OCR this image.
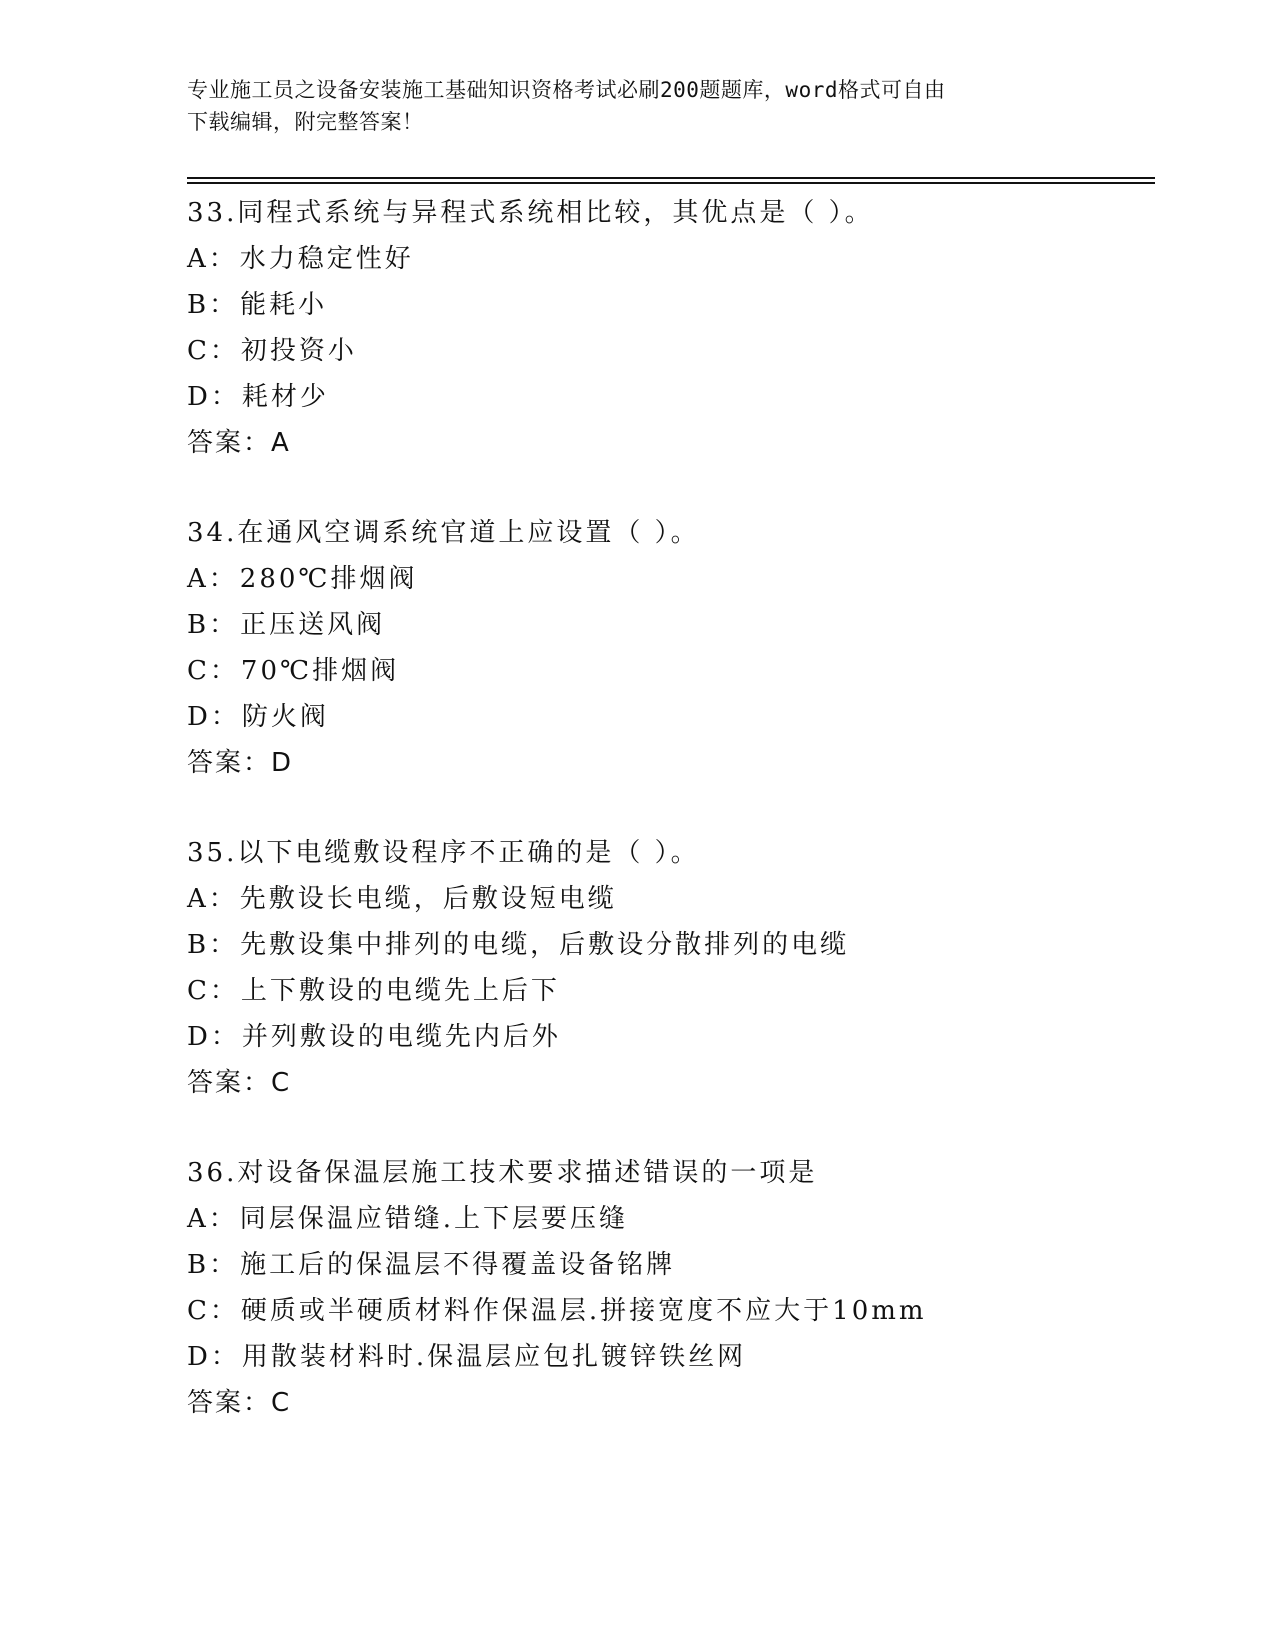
专业施工员之设备安装施工基础知识资格考试必刷200题题库，word格式可自由
下载编辑，附完整答案！
33.同程式系统与异程式系统相比较，其优点是（ ）。
A：水力稳定性好
B：能耗小
C：初投资小
D：耗材少
答案：A
34.在通风空调系统官道上应设置（ ）。
A：280℃排烟阀
B：正压送风阀
C：70℃排烟阀
D：防火阀
答案：D
35.以下电缆敷设程序不正确的是（ ）。
A：先敷设长电缆，后敷设短电缆
B：先敷设集中排列的电缆，后敷设分散排列的电缆
C：上下敷设的电缆先上后下
D：并列敷设的电缆先内后外
答案：C
36.对设备保温层施工技术要求描述错误的一项是
A：同层保温应错缝.上下层要压缝
B：施工后的保温层不得覆盖设备铭牌
C：硬质或半硬质材料作保温层.拼接宽度不应大于10mm
D：用散装材料时.保温层应包扎镀锌铁丝网
答案：C
